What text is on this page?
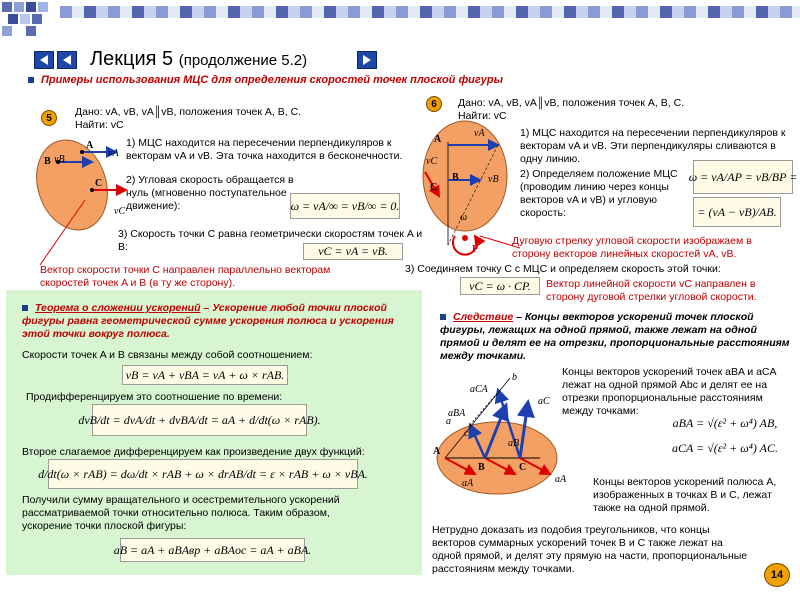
Лекция 5 (продолжение 5.2)
Примеры использования МЦС для определения скоростей точек плоской фигуры
5	Дано: vA, vB, vA║vB, положения точек A, B, C.
Найти: vC
B vB
A
vA
C
vC
1) МЦС находится на пересечении перпендикуляров к векторам vA и vB. Эта точка находится в бесконечности.
2) Угловая скорость обращается в нуль (мгновенно поступательное движение):	ω = vA/∞ = vB/∞ = 0.
3) Скорость точки C равна геометрически скоростям точек A и B:	vC = vA = vB.
Вектор скорости точки C направлен параллельно векторам скоростей точек A и B (в ту же сторону).
6	Дано: vA, vB, vA║vB, положения точек A, B, C.
Найти: vC
A
vA
B	vB
C
vC
ω
P
1) МЦС находится на пересечении перпендикуляров к векторам vA и vB. Эти перпендикуляры сливаются в одну линию.
2) Определяем положение МЦС (проводим линию через концы векторов vA и vB) и угловую скорость:
ω = vA/AP = vB/BP =
= (vA − vB)/AB.
Дуговую стрелку угловой скорости изображаем в сторону векторов линейных скоростей vA, vB.
3) Соединяем точку C с МЦС и определяем скорость этой точки:
vC = ω · CP.	Вектор линейной скорости vC направлен в сторону дуговой стрелки угловой скорости.
Теорема о сложении ускорений – Ускорение любой точки плоской фигуры равна геометрической сумме ускорения полюса и ускорения этой точки вокруг полюса.
Скорости точек A и B связаны между собой соотношением:
vB = vA + vBA = vA + ω × rAB.
Продифференцируем это соотношение по времени:
dvB/dt = dvA/dt + dvBA/dt = aA + d/dt(ω × rAB).
Второе слагаемое дифференцируем как произведение двух функций:
d/dt(ω × rAB) = dω/dt × rAB + ω × drAB/dt = ε × rAB + ω × vBA.
Получили сумму вращательного и осестремительного ускорений рассматриваемой точки относительно полюса. Таким образом, ускорение точки плоской фигуры:
aB = aA + aBAвр + aBAос = aA + aBA.
Следствие – Концы векторов ускорений точек плоской фигуры, лежащих на одной прямой, также лежат на одной прямой и делят ее на отрезки, пропорциональные расстояниям между точками.
A
B	C
b
c
a
aBA
aCA
aB
aC
aA	aA
Концы векторов ускорений точек aBA и aCA лежат на одной прямой Abc и делят ее на отрезки пропорциональные расстояниям между точками:
aBA = √(ε² + ω⁴) AB,
aCA = √(ε² + ω⁴) AC.
Концы векторов ускорений полюса A, изображенных в точках B и C, лежат также на одной прямой.
Нетрудно доказать из подобия треугольников, что концы векторов суммарных ускорений точек B и C также лежат на одной прямой, и делят эту прямую на части, пропорциональные расстояниям между точками.	14
